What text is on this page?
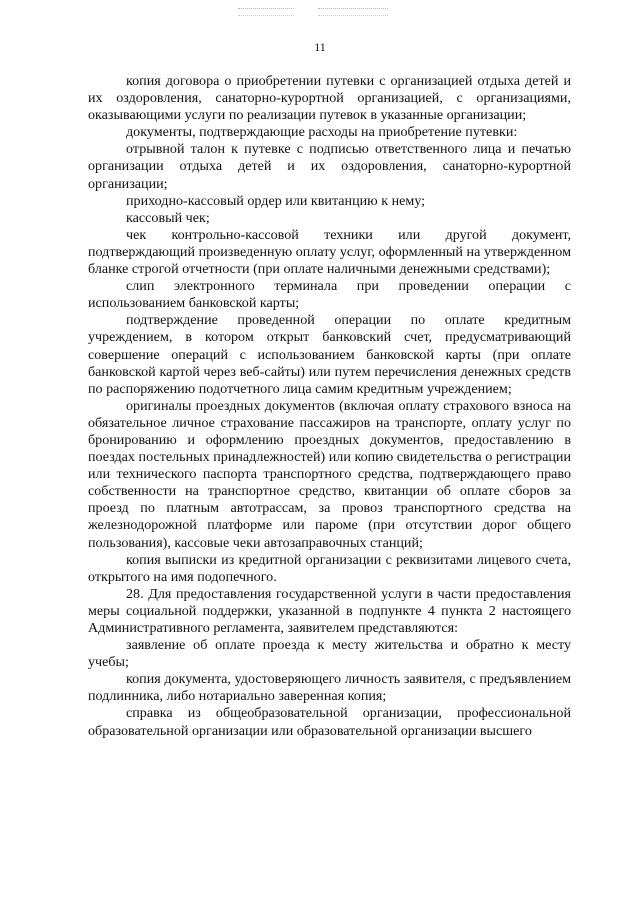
11

копия договора о приобретении путевки с организацией отдыха детей и их оздоровления, санаторно-курортной организацией, с организациями, оказывающими услуги по реализации путевок в указанные организации;

документы, подтверждающие расходы на приобретение путевки:

отрывной талон к путевке с подписью ответственного лица и печатью организации отдыха детей и их оздоровления, санаторно-курортной организации;

приходно-кассовый ордер или квитанцию к нему;

кассовый чек;

чек контрольно-кассовой техники или другой документ, подтверждающий произведенную оплату услуг, оформленный на утвержденном бланке строгой отчетности (при оплате наличными денежными средствами);

слип электронного терминала при проведении операции с использованием банковской карты;

подтверждение проведенной операции по оплате кредитным учреждением, в котором открыт банковский счет, предусматривающий совершение операций с использованием банковской карты (при оплате банковской картой через веб-сайты) или путем перечисления денежных средств по распоряжению подотчетного лица самим кредитным учреждением;

оригиналы проездных документов (включая оплату страхового взноса на обязательное личное страхование пассажиров на транспорте, оплату услуг по бронированию и оформлению проездных документов, предоставлению в поездах постельных принадлежностей) или копию свидетельства о регистрации или технического паспорта транспортного средства, подтверждающего право собственности на транспортное средство, квитанции об оплате сборов за проезд по платным автотрассам, за провоз транспортного средства на железнодорожной платформе или пароме (при отсутствии дорог общего пользования), кассовые чеки автозаправочных станций;

копия выписки из кредитной организации с реквизитами лицевого счета, открытого на имя подопечного.

28. Для предоставления государственной услуги в части предоставления меры социальной поддержки, указанной в подпункте 4 пункта 2 настоящего Административного регламента, заявителем представляются:

заявление об оплате проезда к месту жительства и обратно к месту учебы;

копия документа, удостоверяющего личность заявителя, с предъявлением подлинника, либо нотариально заверенная копия;

справка из общеобразовательной организации, профессиональной образовательной организации или образовательной организации высшего
